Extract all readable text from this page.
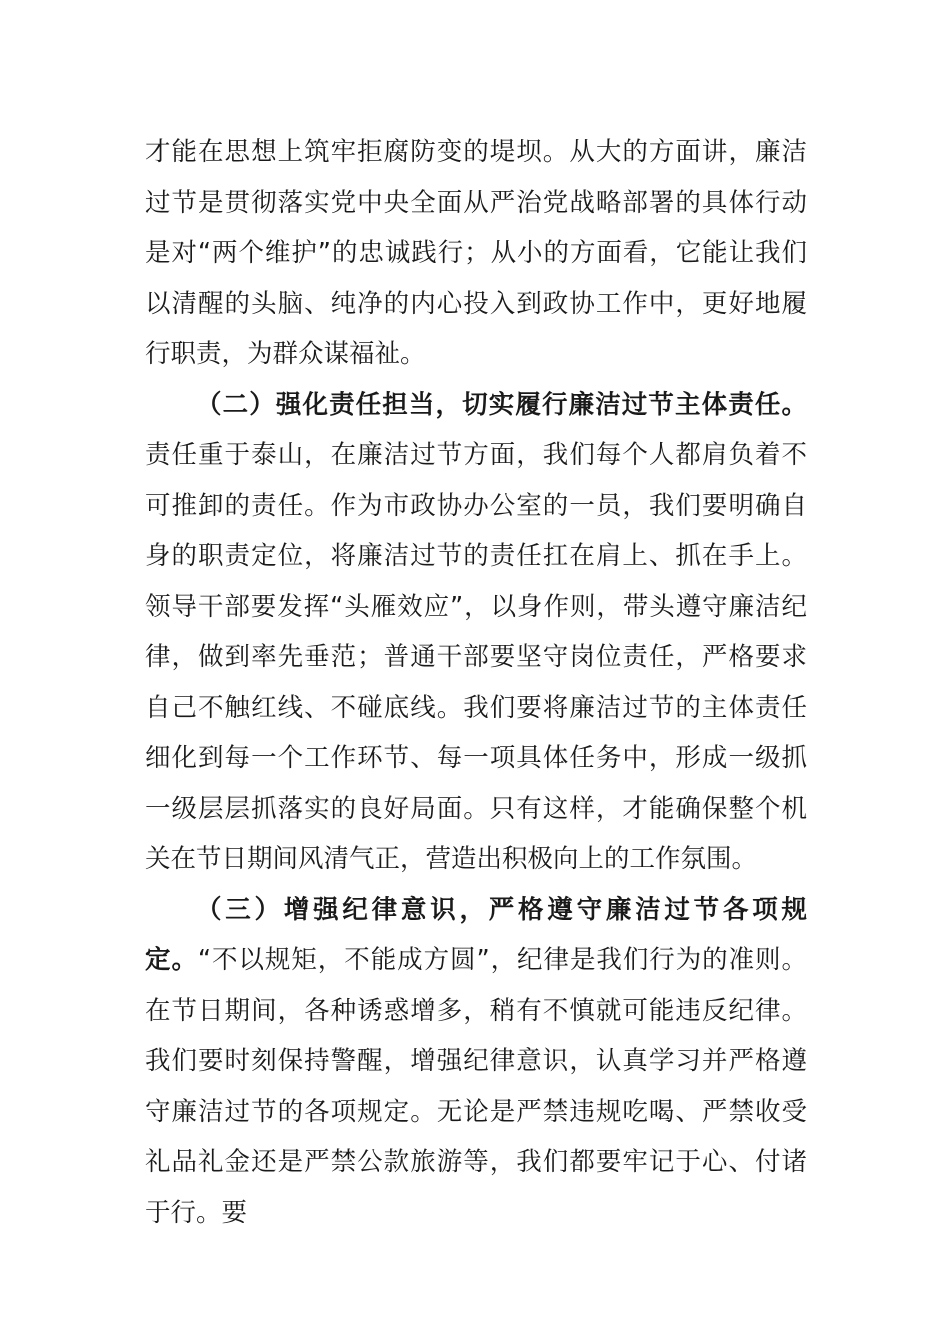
才能在思想上筑牢拒腐防变的堤坝。从大的方面讲，廉洁过节是贯彻落实党中央全面从严治党战略部署的具体行动是对“两个维护”的忠诚践行；从小的方面看，它能让我们以清醒的头脑、纯净的内心投入到政协工作中，更好地履行职责，为群众谋福祉。

（二）强化责任担当，切实履行廉洁过节主体责任。责任重于泰山，在廉洁过节方面，我们每个人都肩负着不可推卸的责任。作为市政协办公室的一员，我们要明确自身的职责定位，将廉洁过节的责任扛在肩上、抓在手上。领导干部要发挥“头雁效应”，以身作则，带头遵守廉洁纪律，做到率先垂范；普通干部要坚守岗位责任，严格要求自己不触红线、不碰底线。我们要将廉洁过节的主体责任细化到每一个工作环节、每一项具体任务中，形成一级抓一级层层抓落实的良好局面。只有这样，才能确保整个机关在节日期间风清气正，营造出积极向上的工作氛围。

（三）增强纪律意识，严格遵守廉洁过节各项规定。“不以规矩，不能成方圆”，纪律是我们行为的准则。在节日期间，各种诱惑增多，稍有不慎就可能违反纪律。我们要时刻保持警醒，增强纪律意识，认真学习并严格遵守廉洁过节的各项规定。无论是严禁违规吃喝、严禁收受礼品礼金还是严禁公款旅游等，我们都要牢记于心、付诸于行。要
